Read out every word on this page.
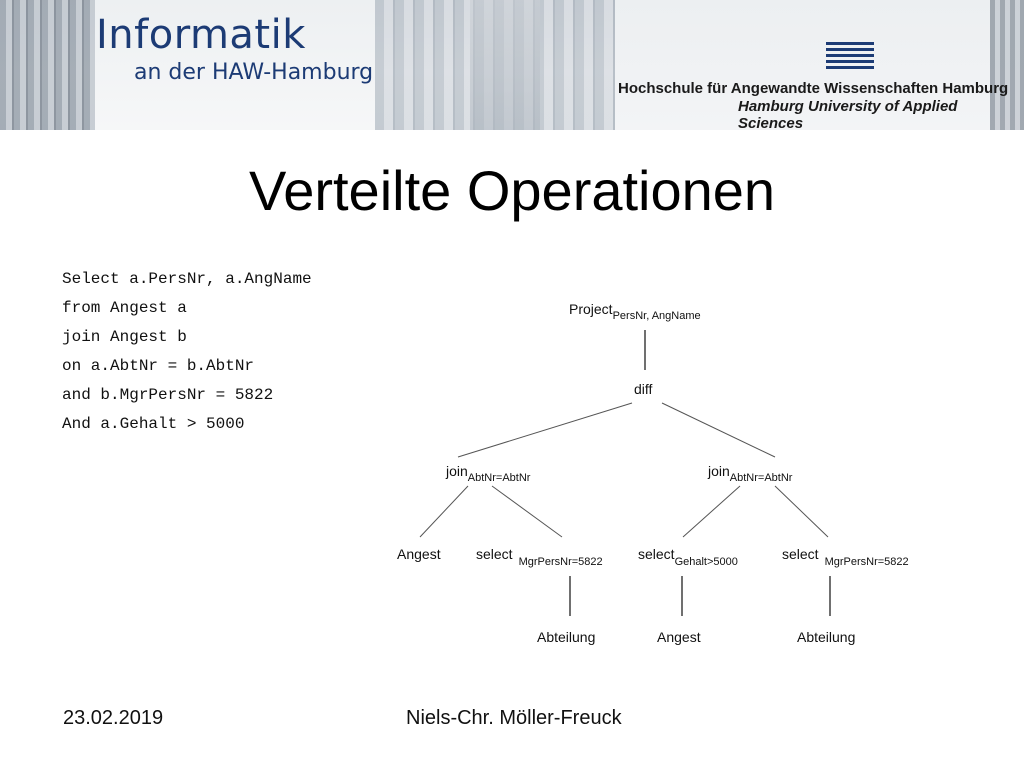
Informatik
an der HAW-Hamburg
Hochschule für Angewandte Wissenschaften Hamburg
Hamburg University of Applied Sciences
Verteilte Operationen
Select a.PersNr, a.AngName
from Angest a
join Angest b
on a.AbtNr = b.AbtNr
and b.MgrPersNr = 5822
And a.Gehalt > 5000
Project$_{PersNr, AngName}$
diff
join$_{AbtNr=AbtNr}$	join$_{AbtNr=AbtNr}$
Angest	select $_{MgrPersNr=5822}$	select$_{Gehalt>5000}$	select $_{MgrPersNr=5822}$
Abteilung	Angest	Abteilung
23.02.2019	Niels-Chr. Möller-Freuck
